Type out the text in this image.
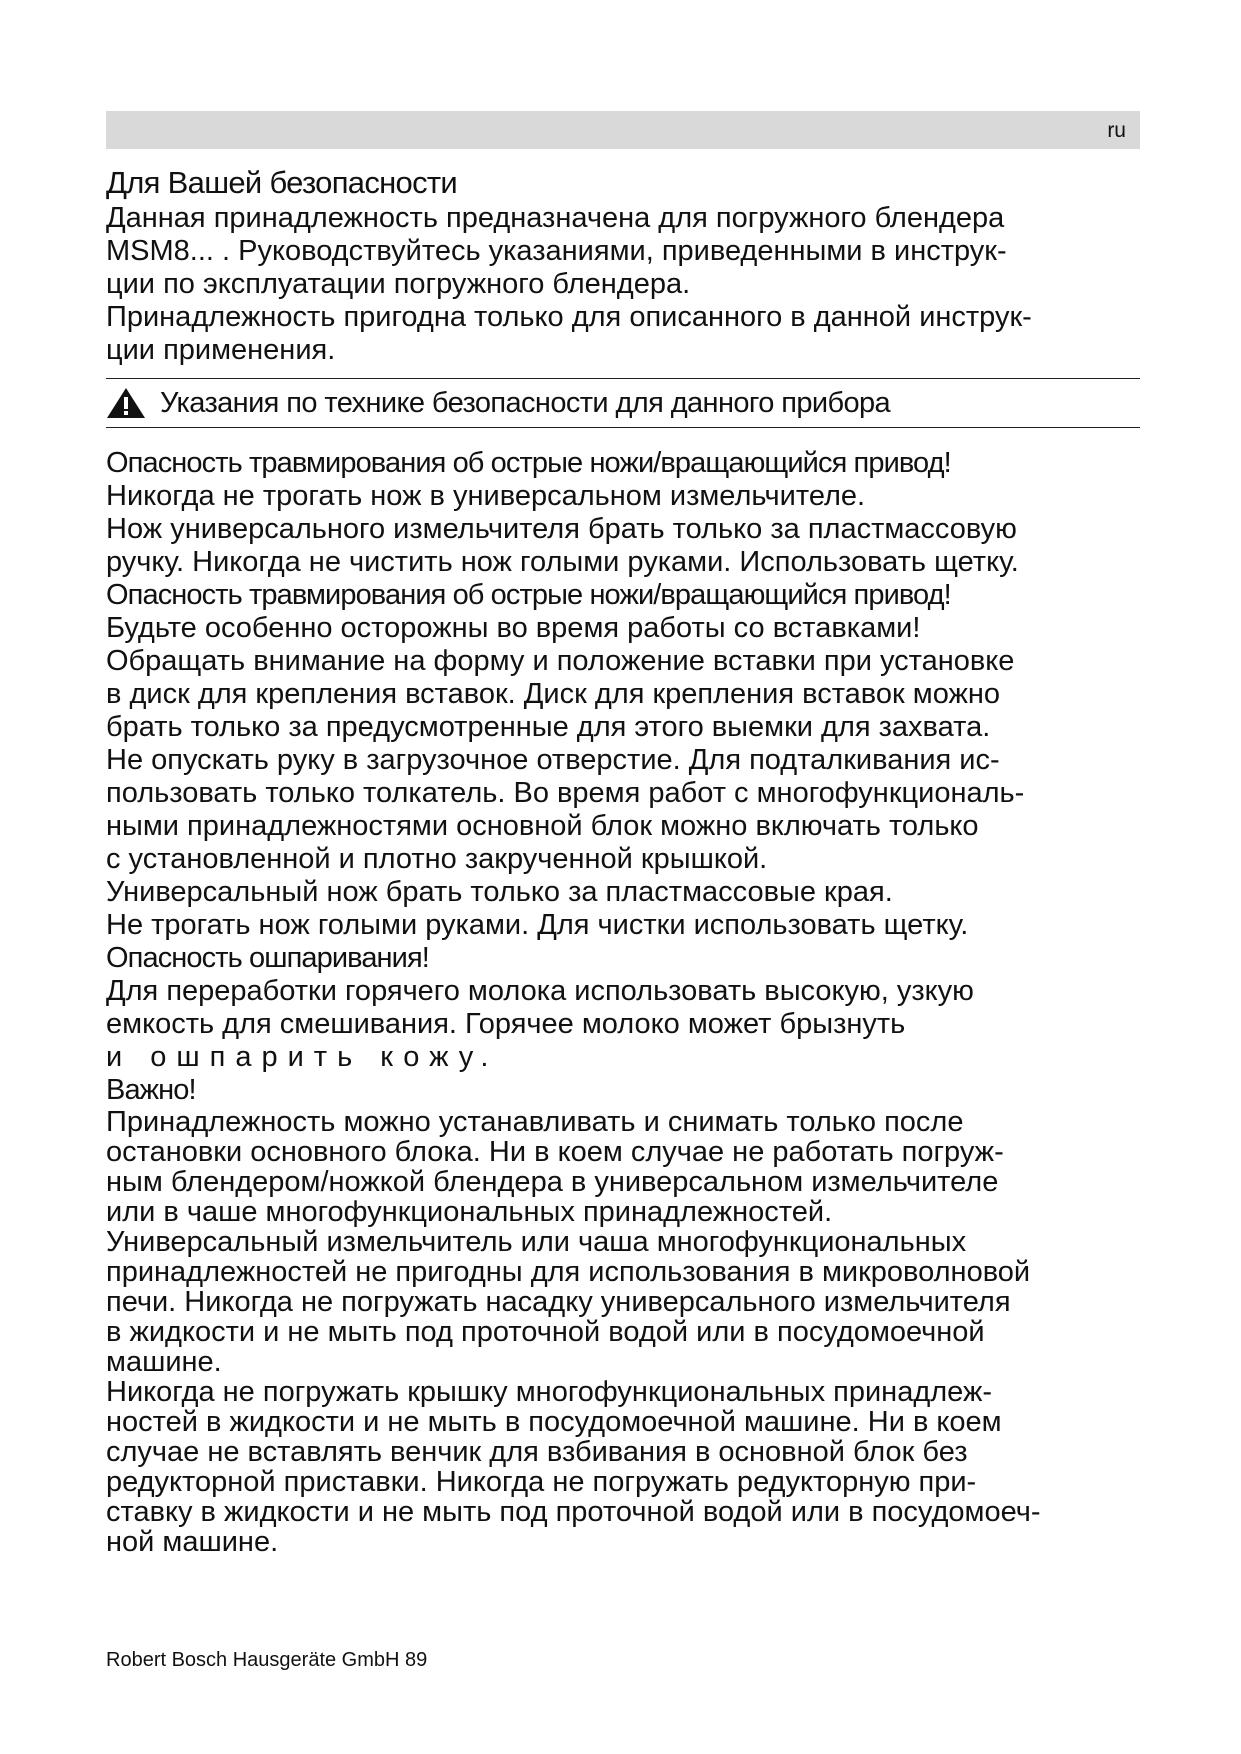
ru
Для Вашей безопасности

Данная принадлежность предназначена для погружного блендера
MSM8... . Руководствуйтесь указаниями, приведенными в инструк-
ции по эксплуатации погружного блендера.

Принадлежность пригодна только для описанного в данной инструк-
ции применения.

Указания по технике безопасности для данного прибора

Опасность травмирования об острые ножи/вращающийся привод!

Никогда не трогать нож в универсальном измельчителе.
Нож универсального измельчителя брать только за пластмассовую
ручку. Никогда не чистить нож голыми руками. Использовать щетку.

Опасность травмирования об острые ножи/вращающийся привод!

Будьте особенно осторожны во время работы со вставками!
Обращать внимание на форму и положение вставки при установке
в диск для крепления вставок. Диск для крепления вставок можно
брать только за предусмотренные для этого выемки для захвата.
Не опускать руку в загрузочное отверстие. Для подталкивания ис-
пользовать только толкатель. Во время работ с многофункциональ-
ными принадлежностями основной блок можно включать только
с установленной и плотно закрученной крышкой.
Универсальный нож брать только за пластмассовые края.
Не трогать нож голыми руками. Для чистки использовать щетку.

Опасность ошпаривания!

Для переработки горячего молока использовать высокую, узкую
емкость для смешивания. Горячее молоко может брызнуть

и ошпарить кожу.

Важно!

Принадлежность можно устанавливать и снимать только после
остановки основного блока. Ни в коем случае не работать погруж-
ным блендером/ножкой блендера в универсальном измельчителе
или в чаше многофункциональных принадлежностей.
Универсальный измельчитель или чаша многофункциональных
принадлежностей не пригодны для использования в микроволновой
печи. Никогда не погружать насадку универсального измельчителя
в жидкости и не мыть под проточной водой или в посудомоечной
машине.
Никогда не погружать крышку многофункциональных принадлеж-
ностей в жидкости и не мыть в посудомоечной машине. Ни в коем
случае не вставлять венчик для взбивания в основной блок без
редукторной приставки. Никогда не погружать редукторную при-
ставку в жидкости и не мыть под проточной водой или в посудомоеч-
ной машине.

Robert Bosch Hausgeräte GmbH 89
